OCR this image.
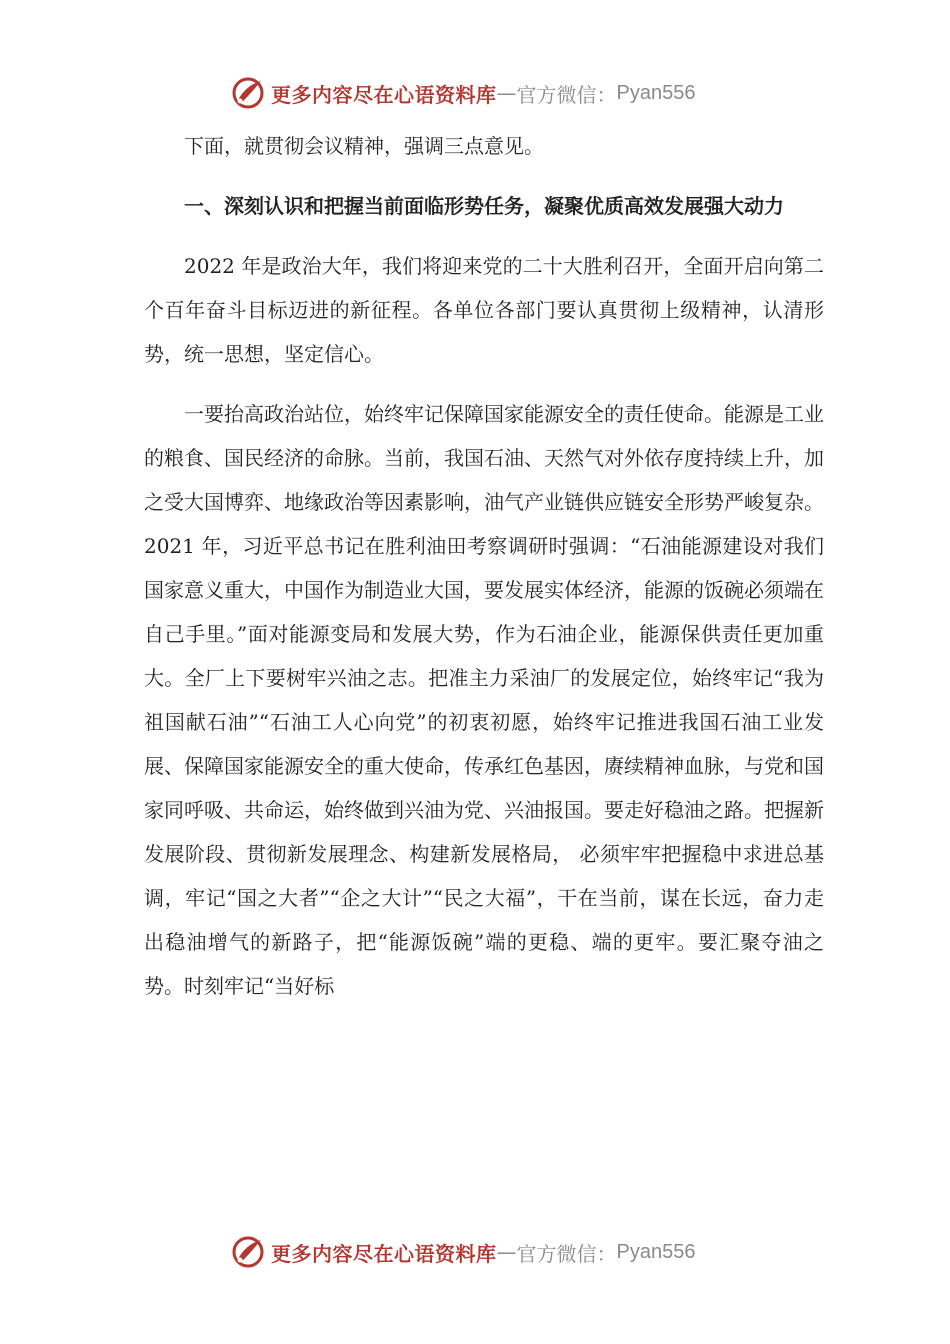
更多内容尽在心语资料库 — 官方微信： Pyan556

下面，就贯彻会议精神，强调三点意见。

一、深刻认识和把握当前面临形势任务，凝聚优质高效发展强大动力

2022 年是政治大年，我们将迎来党的二十大胜利召开，全面开启向第二个百年奋斗目标迈进的新征程。各单位各部门要认真贯彻上级精神，认清形势，统一思想，坚定信心。

一要抬高政治站位，始终牢记保障国家能源安全的责任使命。能源是工业的粮食、国民经济的命脉。当前，我国石油、天然气对外依存度持续上升，加之受大国博弈、地缘政治等因素影响，油气产业链供应链安全形势严峻复杂。2021 年，习近平总书记在胜利油田考察调研时强调：“石油能源建设对我们国家意义重大，中国作为制造业大国，要发展实体经济，能源的饭碗必须端在自己手里。”面对能源变局和发展大势，作为石油企业，能源保供责任更加重大。全厂上下要树牢兴油之志。把准主力采油厂的发展定位，始终牢记“我为祖国献石油”“石油工人心向党”的初衷初愿，始终牢记推进我国石油工业发展、保障国家能源安全的重大使命，传承红色基因，赓续精神血脉，与党和国家同呼吸、共命运，始终做到兴油为党、兴油报国。要走好稳油之路。把握新发展阶段、贯彻新发展理念、构建新发展格局， 必须牢牢把握稳中求进总基调，牢记“国之大者”“企之大计”“民之大福”，干在当前，谋在长远，奋力走出稳油增气的新路子，把“能源饭碗”端的更稳、端的更牢。要汇聚夺油之势。时刻牢记“当好标

更多内容尽在心语资料库 — 官方微信： Pyan556
